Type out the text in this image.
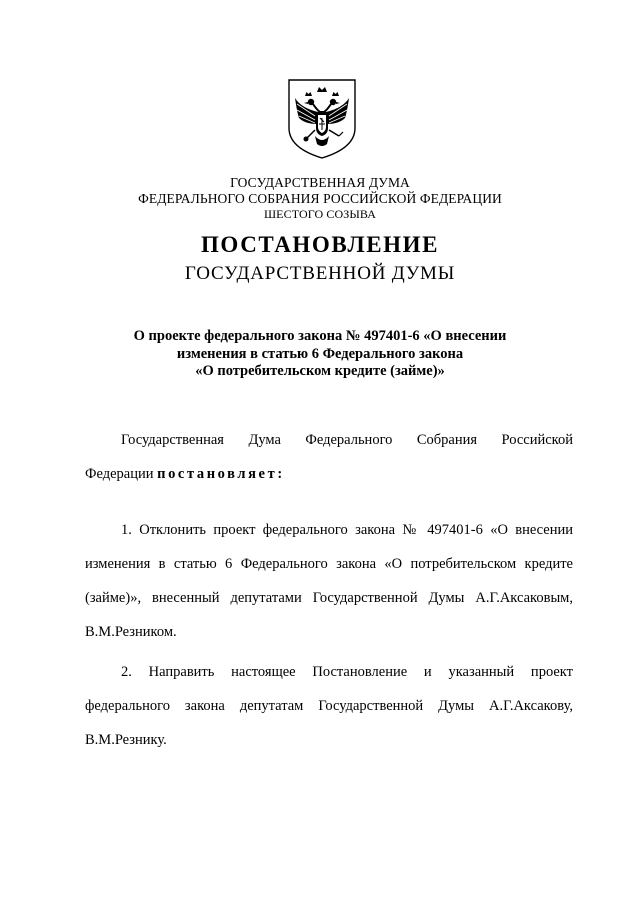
ГОСУДАРСТВЕННАЯ ДУМА
ФЕДЕРАЛЬНОГО СОБРАНИЯ РОССИЙСКОЙ ФЕДЕРАЦИИ
ШЕСТОГО СОЗЫВА
ПОСТАНОВЛЕНИЕ
ГОСУДАРСТВЕННОЙ ДУМЫ
О проекте федерального закона № 497401-6 «О внесении
изменения в статью 6 Федерального закона
«О потребительском кредите (займе)»
Государственная Дума Федерального Собрания Российской
Федерации постановляет:
1. Отклонить проект федерального закона № 497401-6 «О внесении
изменения в статью 6 Федерального закона «О потребительском кредите
(займе)», внесенный депутатами Государственной Думы А.Г.Аксаковым,
В.М.Резником.
2. Направить настоящее Постановление и указанный проект
федерального закона депутатам Государственной Думы А.Г.Аксакову,
В.М.Резнику.
